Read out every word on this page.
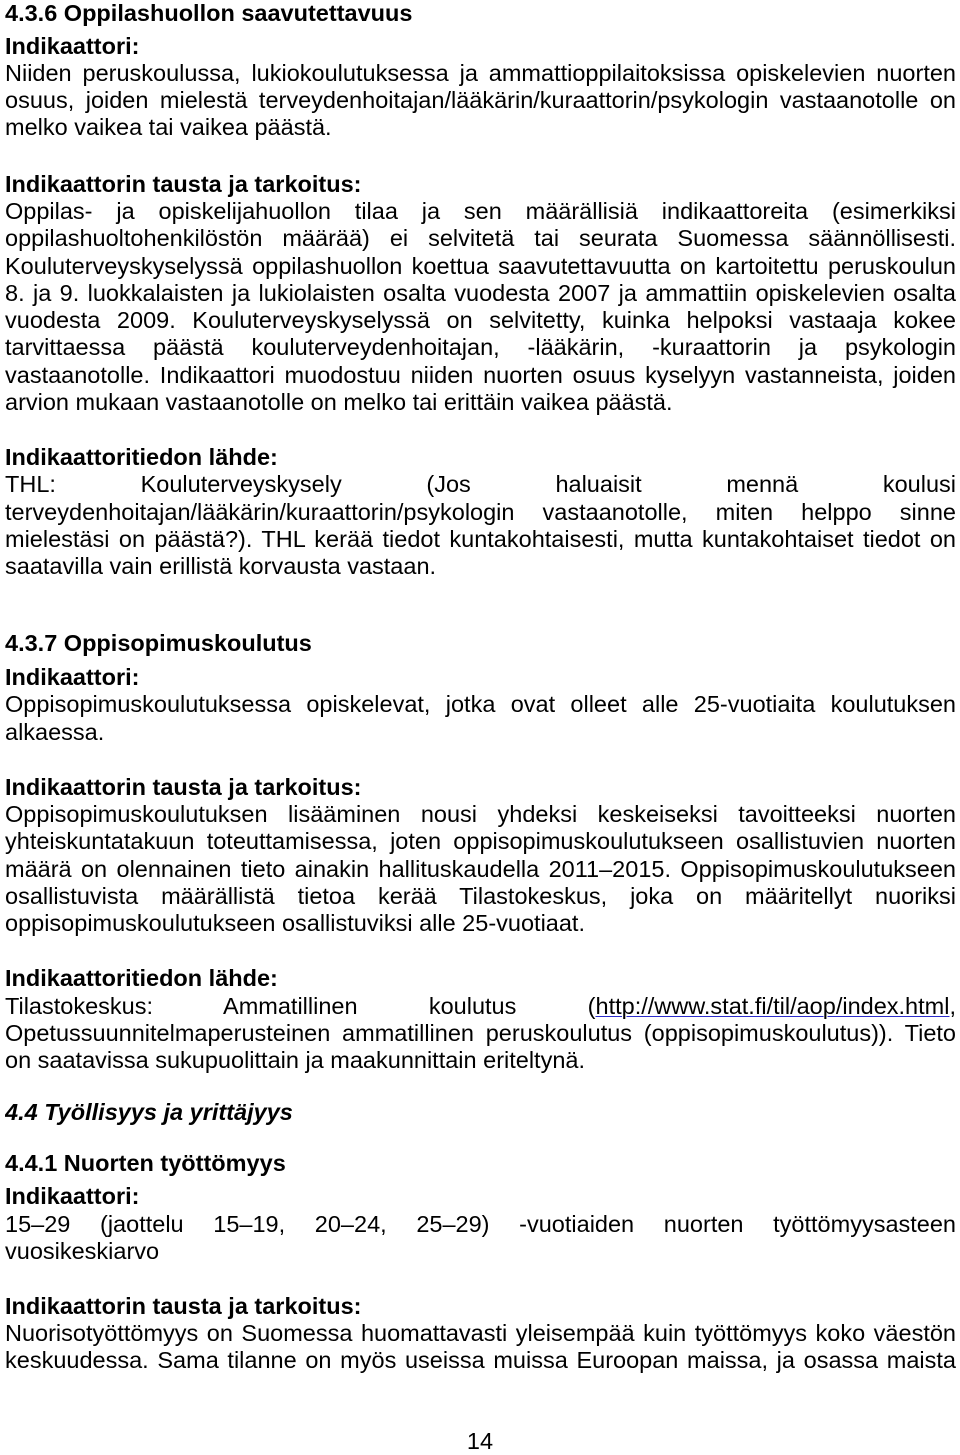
4.3.6 Oppilashuollon saavutettavuus
Indikaattori:
Niiden peruskoulussa, lukiokoulutuksessa ja ammattioppilaitoksissa opiskelevien nuorten
osuus, joiden mielestä terveydenhoitajan/lääkärin/kuraattorin/psykologin vastaanotolle on
melko vaikea tai vaikea päästä.
Indikaattorin tausta ja tarkoitus:
Oppilas- ja opiskelijahuollon tilaa ja sen määrällisiä indikaattoreita (esimerkiksi
oppilashuoltohenkilöstön määrää) ei selvitetä tai seurata Suomessa säännöllisesti.
Kouluterveyskyselyssä oppilashuollon koettua saavutettavuutta on kartoitettu peruskoulun
8. ja 9. luokkalaisten ja lukiolaisten osalta vuodesta 2007 ja ammattiin opiskelevien osalta
vuodesta 2009. Kouluterveyskyselyssä on selvitetty, kuinka helpoksi vastaaja kokee
tarvittaessa päästä kouluterveydenhoitajan, -lääkärin, -kuraattorin ja psykologin
vastaanotolle. Indikaattori muodostuu niiden nuorten osuus kyselyyn vastanneista, joiden
arvion mukaan vastaanotolle on melko tai erittäin vaikea päästä.
Indikaattoritiedon lähde:
THL: Kouluterveyskysely (Jos haluaisit mennä koulusi
terveydenhoitajan/lääkärin/kuraattorin/psykologin vastaanotolle, miten helppo sinne
mielestäsi on päästä?). THL kerää tiedot kuntakohtaisesti, mutta kuntakohtaiset tiedot on
saatavilla vain erillistä korvausta vastaan.
4.3.7 Oppisopimuskoulutus
Indikaattori:
Oppisopimuskoulutuksessa opiskelevat, jotka ovat olleet alle 25-vuotiaita koulutuksen
alkaessa.
Indikaattorin tausta ja tarkoitus:
Oppisopimuskoulutuksen lisääminen nousi yhdeksi keskeiseksi tavoitteeksi nuorten
yhteiskuntatakuun toteuttamisessa, joten oppisopimuskoulutukseen osallistuvien nuorten
määrä on olennainen tieto ainakin hallituskaudella 2011–2015. Oppisopimuskoulutukseen
osallistuvista määrällistä tietoa kerää Tilastokeskus, joka on määritellyt nuoriksi
oppisopimuskoulutukseen osallistuviksi alle 25-vuotiaat.
Indikaattoritiedon lähde:
Tilastokeskus: Ammatillinen koulutus (http://www.stat.fi/til/aop/index.html,
Opetussuunnitelmaperusteinen ammatillinen peruskoulutus (oppisopimuskoulutus)). Tieto
on saatavissa sukupuolittain ja maakunnittain eriteltynä.
4.4 Työllisyys ja yrittäjyys
4.4.1 Nuorten työttömyys
Indikaattori:
15–29 (jaottelu 15–19, 20–24, 25–29) -vuotiaiden nuorten työttömyysasteen
vuosikeskiarvo
Indikaattorin tausta ja tarkoitus:
Nuorisotyöttömyys on Suomessa huomattavasti yleisempää kuin työttömyys koko väestön
keskuudessa. Sama tilanne on myös useissa muissa Euroopan maissa, ja osassa maista
14
